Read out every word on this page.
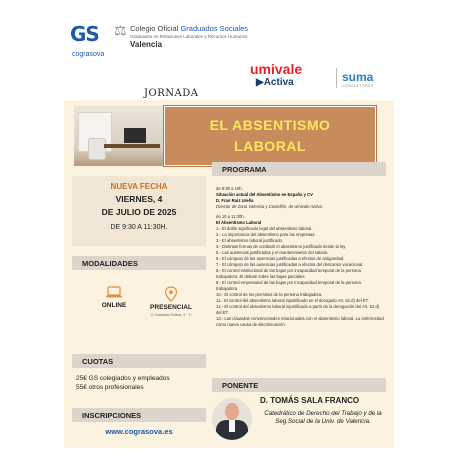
GS
cograsova
⚖ Colegio Oficial Graduados Sociales
Graduados en Relaciones Laborales y Recursos Humanos
Valencia
umivale
▶Activa	suma
CONSULTORES
JORNADA
EL ABSENTISMO
LABORAL
NUEVA FECHA
VIERNES, 4
DE JULIO DE 2025
DE 9:30 A 11:30H.
MODALIDADES
ONLINE	PRESENCIAL
C/ Grabador Esteve, 4 · 1º
CUOTAS
25€ GS colegiados y empleados
55€ otros profesionales
INSCRIPCIONES
www.cograsova.es
PROGRAMA
de 9:30 a 10h.
Situación actual del Absentismo en España y CV
D. Fran Ruiz Ureña
Director de Zona Valencia y Castellón, de Umivale Activa.
de 10 a 11:30h.
El Absentismo Laboral
1.- El doble significado legal del absentismo laboral.
2.- La importancia del absentismo para las empresas.
3.- El absentismo laboral justificado.
4.- Distintas formas de combatir el absentismo justificado desde la ley.
5.- Las ausencias justificadas y el mantenimiento del salario.
6.- El cómputo de las ausencias justificadas a efectos de antigüedad.
7.- El cómputo de las ausencias justificadas a efectos del descanso vacacional.
8.- El control institucional de las bajas por incapacidad temporal de la persona trabajadora. El debate sobre las bajas parciales.
9.- El control empresarial de las bajas por incapacidad temporal de la persona trabajadora.
10.- El control de los permisos de la persona trabajadora.
11.- El control del absentismo laboral injustificado en el derogado Art. 52.d) del ET.
12.- El control del absentismo laboral injustificado a partir de la derogación del Art. 52.d) del ET.
13.- Las cláusulas convencionales relacionadas con el absentismo laboral. La enfermedad como nueva causa de discriminación.
PONENTE
D. TOMÁS SALA FRANCO
Catedrático de Derecho del Trabajo y de la Seg.Social de la Univ. de Valencia.
